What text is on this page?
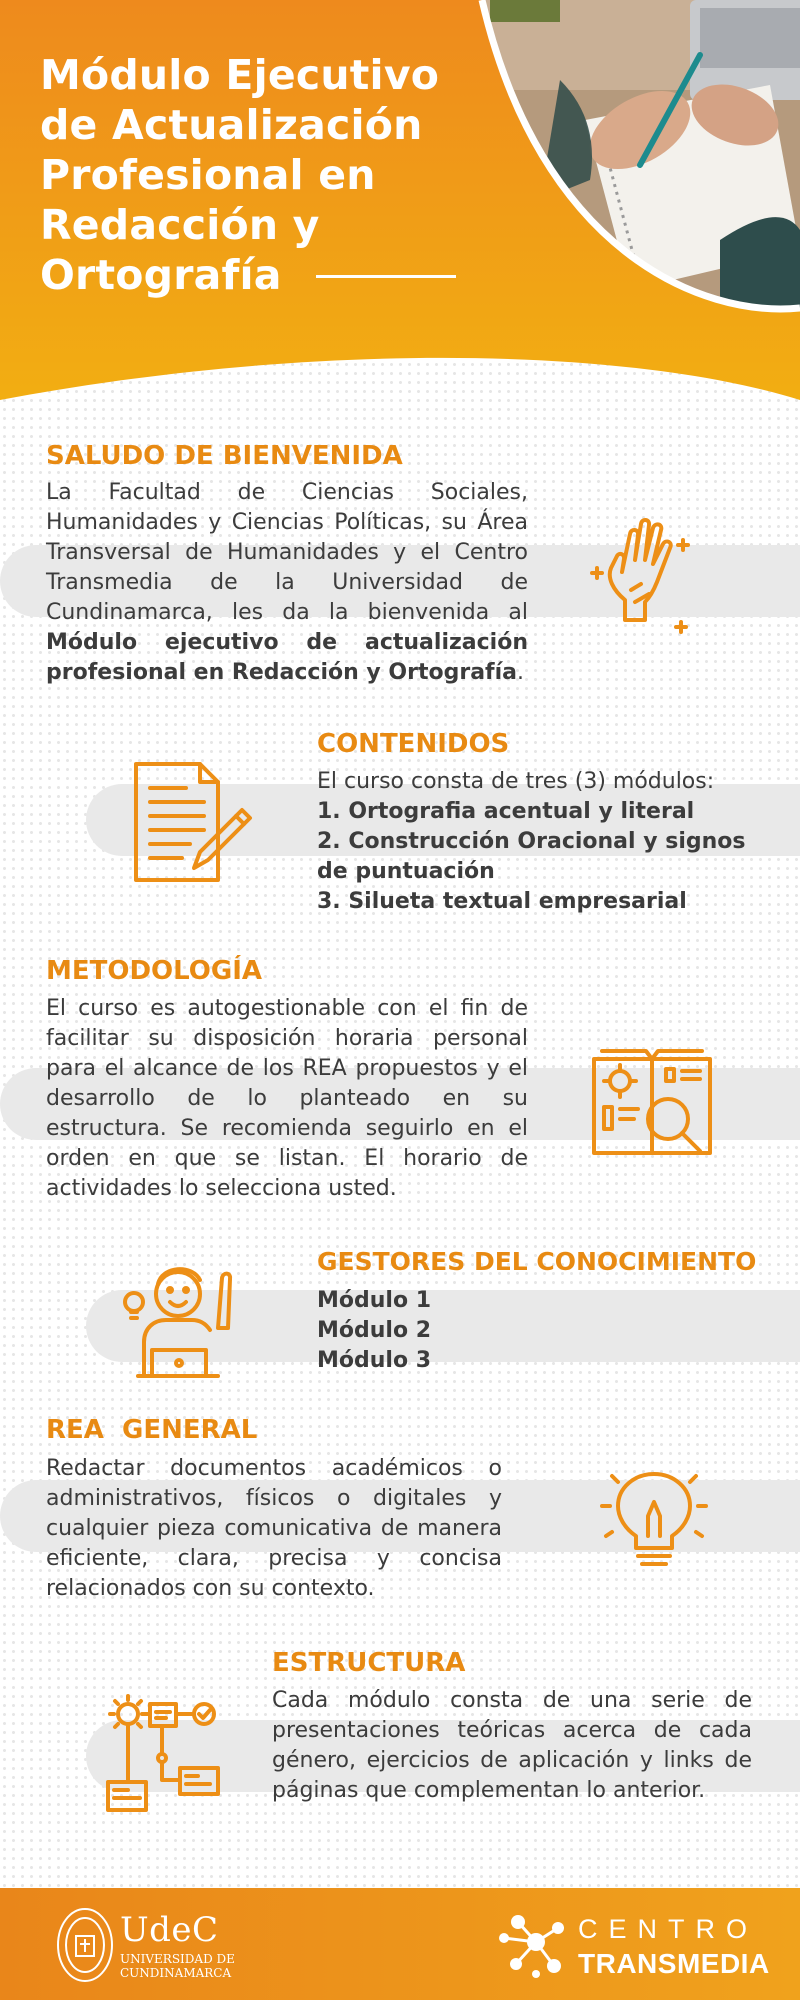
Módulo Ejecutivo de Actualización Profesional en Redacción y Ortografía
SALUDO DE BIENVENIDA
La Facultad de Ciencias Sociales, Humanidades y Ciencias Políticas, su Área Transversal de Humanidades y el Centro Transmedia de la Universidad de Cundinamarca, les da la bienvenida al Módulo ejecutivo de actualización profesional en Redacción y Ortografía.
CONTENIDOS
El curso consta de tres (3) módulos:
1. Ortografia acentual y literal
2. Construcción Oracional y signos de puntuación
3. Silueta textual empresarial
METODOLOGÍA
El curso es autogestionable con el fin de facilitar su disposición horaria personal para el alcance de los REA propuestos y el desarrollo de lo planteado en su estructura. Se recomienda seguirlo en el orden en que se listan. El horario de actividades lo selecciona usted.
GESTORES DEL CONOCIMIENTO
Módulo 1
Módulo 2
Módulo 3
REA  GENERAL
Redactar documentos académicos o administrativos, físicos o digitales y cualquier pieza comunicativa de manera eficiente, clara, precisa y concisa relacionados con su contexto.
ESTRUCTURA
Cada módulo consta de una serie de presentaciones teóricas acerca de cada género, ejercicios de aplicación y links de páginas que complementan lo anterior.
UdeC
UNIVERSIDAD DE
CUNDINAMARCA
CENTRO
TRANSMEDIA
